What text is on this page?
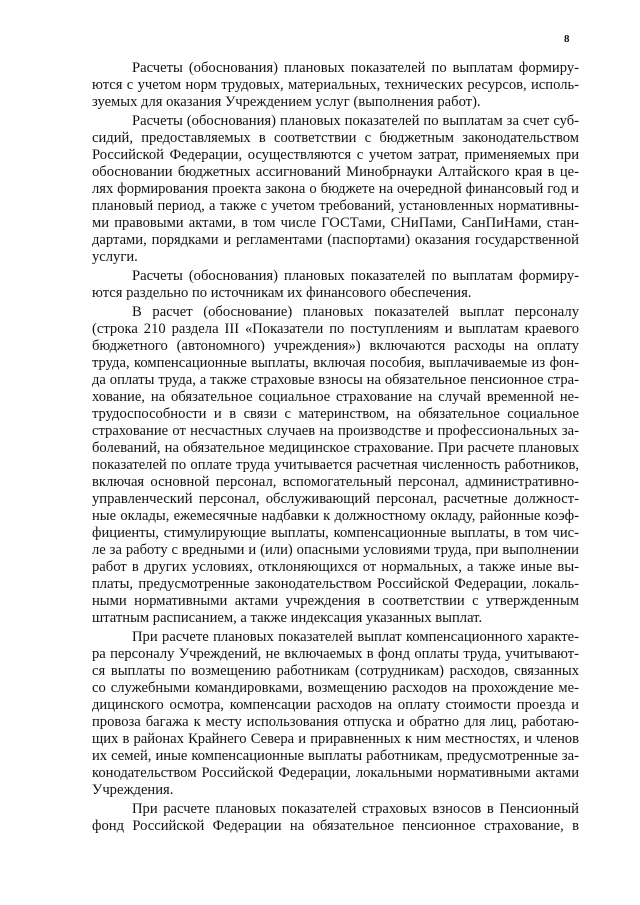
8
Расчеты (обоснования) плановых показателей по выплатам формиру-
ются с учетом норм трудовых, материальных, технических ресурсов, исполь-
зуемых для оказания Учреждением услуг (выполнения работ).
Расчеты (обоснования) плановых показателей по выплатам за счет суб-
сидий, предоставляемых в соответствии с бюджетным законодательством
Российской Федерации, осуществляются с учетом затрат, применяемых при
обосновании бюджетных ассигнований Минобрнауки Алтайского края в це-
лях формирования проекта закона о бюджете на очередной финансовый год и
плановый период, а также с учетом требований, установленных нормативны-
ми правовыми актами, в том числе ГОСТами, СНиПами, СанПиНами, стан-
дартами, порядками и регламентами (паспортами) оказания государственной
услуги.
Расчеты (обоснования) плановых показателей по выплатам формиру-
ются раздельно по источникам их финансового обеспечения.
В расчет (обоснование) плановых показателей выплат персоналу
(строка 210 раздела III «Показатели по поступлениям и выплатам краевого
бюджетного (автономного) учреждения») включаются расходы на оплату
труда, компенсационные выплаты, включая пособия, выплачиваемые из фон-
да оплаты труда, а также страховые взносы на обязательное пенсионное стра-
хование, на обязательное социальное страхование на случай временной не-
трудоспособности и в связи с материнством, на обязательное социальное
страхование от несчастных случаев на производстве и профессиональных за-
болеваний, на обязательное медицинское страхование. При расчете плановых
показателей по оплате труда учитывается расчетная численность работников,
включая основной персонал, вспомогательный персонал, административно-
управленческий персонал, обслуживающий персонал, расчетные должност-
ные оклады, ежемесячные надбавки к должностному окладу, районные коэф-
фициенты, стимулирующие выплаты, компенсационные выплаты, в том чис-
ле за работу с вредными и (или) опасными условиями труда, при выполнении
работ в других условиях, отклоняющихся от нормальных, а также иные вы-
платы, предусмотренные законодательством Российской Федерации, локаль-
ными нормативными актами учреждения в соответствии с утвержденным
штатным расписанием, а также индексация указанных выплат.
При расчете плановых показателей выплат компенсационного характе-
ра персоналу Учреждений, не включаемых в фонд оплаты труда, учитывают-
ся выплаты по возмещению работникам (сотрудникам) расходов, связанных
со служебными командировками, возмещению расходов на прохождение ме-
дицинского осмотра, компенсации расходов на оплату стоимости проезда и
провоза багажа к месту использования отпуска и обратно для лиц, работаю-
щих в районах Крайнего Севера и приравненных к ним местностях, и членов
их семей, иные компенсационные выплаты работникам, предусмотренные за-
конодательством Российской Федерации, локальными нормативными актами
Учреждения.
При расчете плановых показателей страховых взносов в Пенсионный
фонд Российской Федерации на обязательное пенсионное страхование, в
